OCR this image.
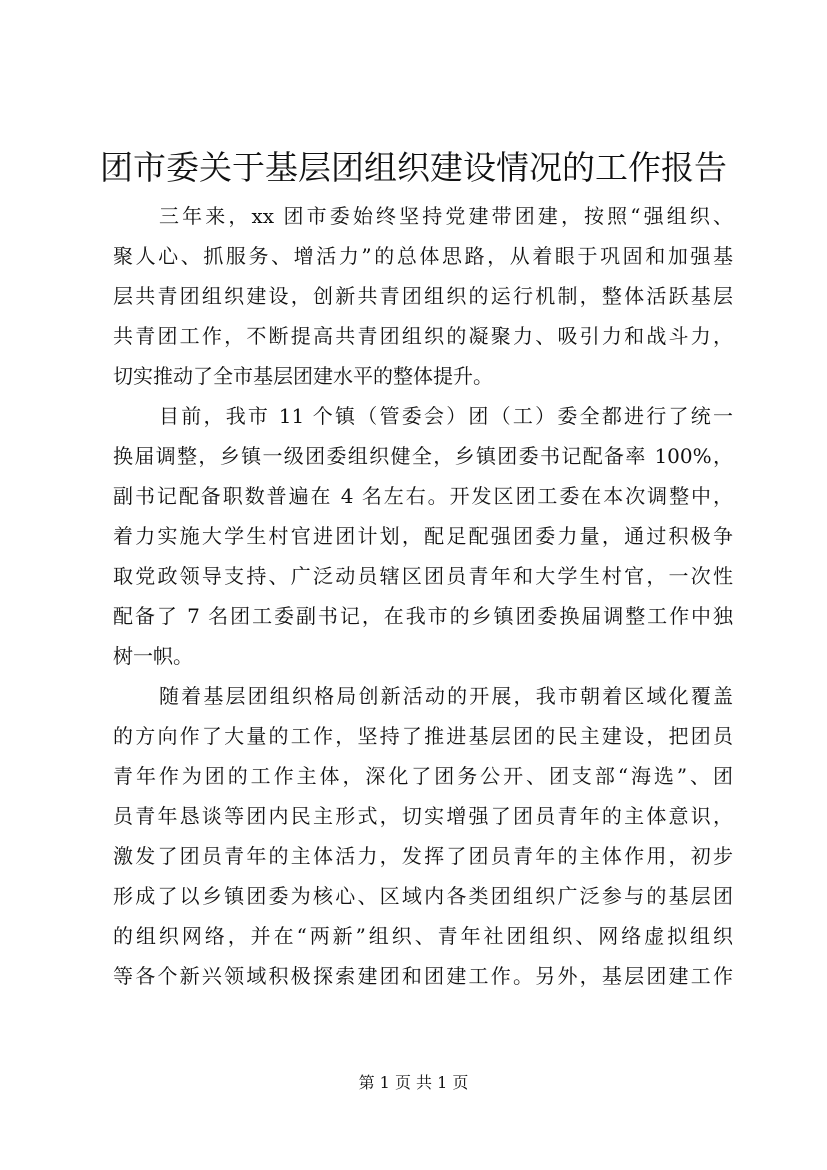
团市委关于基层团组织建设情况的工作报告
三年来，xx 团市委始终坚持党建带团建，按照“强组织、
聚人心、抓服务、增活力”的总体思路，从着眼于巩固和加强基
层共青团组织建设，创新共青团组织的运行机制，整体活跃基层
共青团工作，不断提高共青团组织的凝聚力、吸引力和战斗力，
切实推动了全市基层团建水平的整体提升。
目前，我市 11 个镇（管委会）团（工）委全都进行了统一
换届调整，乡镇一级团委组织健全，乡镇团委书记配备率 100%，
副书记配备职数普遍在 4 名左右。开发区团工委在本次调整中，
着力实施大学生村官进团计划，配足配强团委力量，通过积极争
取党政领导支持、广泛动员辖区团员青年和大学生村官，一次性
配备了 7 名团工委副书记，在我市的乡镇团委换届调整工作中独
树一帜。
随着基层团组织格局创新活动的开展，我市朝着区域化覆盖
的方向作了大量的工作，坚持了推进基层团的民主建设，把团员
青年作为团的工作主体，深化了团务公开、团支部“海选”、团
员青年恳谈等团内民主形式，切实增强了团员青年的主体意识，
激发了团员青年的主体活力，发挥了团员青年的主体作用，初步
形成了以乡镇团委为核心、区域内各类团组织广泛参与的基层团
的组织网络，并在“两新”组织、青年社团组织、网络虚拟组织
等各个新兴领域积极探索建团和团建工作。另外，基层团建工作
第 1 页 共 1 页
